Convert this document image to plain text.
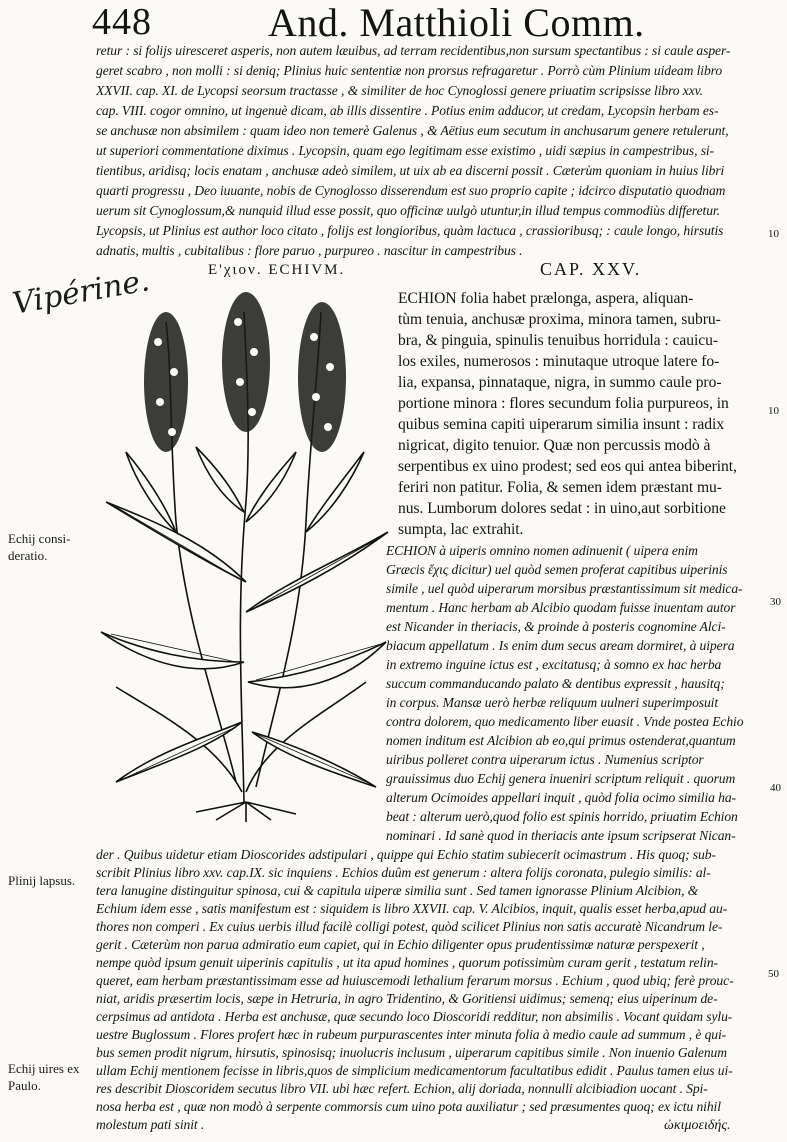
448	And. Matthioli Comm.
retur : si folijs uiresceret asperis, non autem læuibus, ad terram recidentibus,non sursum spectantibus : si caule asper-
geret scabro , non molli : si deniq; Plinius huic sententiæ non prorsus refragaretur . Porrò cùm Plinium uideam libro
XXVII. cap. XI. de Lycopsi seorsum tractasse , & similiter de hoc Cynoglossi genere priuatim scripsisse libro xxv.
cap. VIII. cogor omnino, ut ingenuè dicam, ab illis dissentire . Potius enim adducor, ut credam, Lycopsin herbam es-
se anchusæ non absimilem : quam ideo non temerè Galenus , & Aëtius eum secutum in anchusarum genere retulerunt,
ut superiori commentatione diximus . Lycopsin, quam ego legitimam esse existimo , uidi sæpius in campestribus, si-
tientibus, aridisq; locis enatam , anchusæ adeò similem, ut uix ab ea discerni possit . Cæterùm quoniam in huius libri
quarti progressu , Deo iuuante, nobis de Cynoglosso disserendum est suo proprio capite ; idcirco disputatio quodnam
uerum sit Cynoglossum,& nunquid illud esse possit, quo officinæ uulgò utuntur,in illud tempus commodiùs differetur.
Lycopsis, ut Plinius est author loco citato , folijs est longioribus, quàm lactuca , crassioribusq; : caule longo, hirsutis
adnatis, multis , cubitalibus : flore paruo , purpureo . nascitur in campestribus .
10
Vipérine.	Ε'χιον. ECHIVM.	CAP. XXV.
ECHION folia habet prælonga, aspera, aliquan-
tùm tenuia, anchusæ proxima, minora tamen, subru-
bra, & pinguia, spinulis tenuibus horridula : cauicu-
los exiles, numerosos : minutaque utroque latere fo-
lia, expansa, pinnataque, nigra, in summo caule pro-
portione minora : flores secundum folia purpureos, in
quibus semina capiti uiperarum similia insunt : radix
nigricat, digito tenuior. Quæ non percussis modò à
serpentibus ex uino prodest; sed eos qui antea biberint,
feriri non patitur. Folia, & semen idem præstant mu-
nus. Lumborum dolores sedat : in uino,aut sorbitione
sumpta, lac extrahit.
10
ECHION à uiperis omnino nomen adinuenit ( uipera enim
Græcis ἔχις dicitur) uel quòd semen proferat capitibus uiperinis
simile , uel quòd uiperarum morsibus præstantissimum sit medica-
mentum . Hanc herbam ab Alcibio quodam fuisse inuentam autor
est Nicander in theriacis, & proinde à posteris cognomine Alci-
biacum appellatum . Is enim dum secus aream dormiret, à uipera
in extremo inguine ictus est , excitatusq; à somno ex hac herba
succum commanducando palato & dentibus expressit , hausitq;
in corpus. Mansæ uerò herbæ reliquum uulneri superimposuit
contra dolorem, quo medicamento liber euasit . Vnde postea Echio
nomen inditum est Alcibion ab eo,qui primus ostenderat,quantum
uiribus polleret contra uiperarum ictus . Numenius scriptor
grauissimus duo Echij genera inueniri scriptum reliquit . quorum
alterum Ocimoides appellari inquit , quòd folia ocimo similia ha-
beat : alterum uerò,quod folio est spinis horrido, priuatim Echion
nominari . Id sanè quod in theriacis ante ipsum scripserat Nican-
30
40
der . Quibus uidetur etiam Dioscorides adstipulari , quippe qui Echio statim subiecerit ocimastrum . His quoq; sub-
scribit Plinius libro xxv. cap.IX. sic inquiens . Echios duûm est generum : altera folijs coronata, pulegio similis: al-
tera lanugine distinguitur spinosa, cui & capitula uiperæ similia sunt . Sed tamen ignorasse Plinium Alcibion, &
Echium idem esse , satis manifestum est : siquidem is libro XXVII. cap. V. Alcibios, inquit, qualis esset herba,apud au-
thores non comperi . Ex cuius uerbis illud facilè colligi potest, quòd scilicet Plinius non satis accuratè Nicandrum le-
gerit . Cæterùm non parua admiratio eum capiet, qui in Echio diligenter opus prudentissimæ naturæ perspexerit ,
nempe quòd ipsum genuit uiperinis capitulis , ut ita apud homines , quorum potissimùm curam gerit , testatum relin-
queret, eam herbam præstantissimam esse ad huiuscemodi lethalium ferarum morsus . Echium , quod ubiq; ferè prouc-
niat, aridis præsertim locis, sæpe in Hetruria, in agro Tridentino, & Goritiensi uidimus; semenq; eius uiperinum de-
cerpsimus ad antidota . Herba est anchusæ, quæ secundo loco Dioscoridi redditur, non absimilis . Vocant quidam sylu-
uestre Buglossum . Flores profert hæc in rubeum purpurascentes inter minuta folia à medio caule ad summum , è qui-
bus semen prodit nigrum, hirsutis, spinosisq; inuolucris inclusum , uiperarum capitibus simile . Non inuenio Galenum
ullam Echij mentionem fecisse in libris,quos de simplicium medicamentorum facultatibus edidit . Paulus tamen eius ui-
res describit Dioscoridem secutus libro VII. ubi hæc refert. Echion, alij doriada, nonnulli alcibiadion uocant . Spi-
nosa herba est , quæ non modò à serpente commorsis cum uino pota auxiliatur ; sed præsumentes quoq; ex ictu nihil
molestum pati sinit .
50
Echij consi-
deratio.
Plinij lapsus.
Echij uires ex
Paulo.
ὠκιμοειδής.
